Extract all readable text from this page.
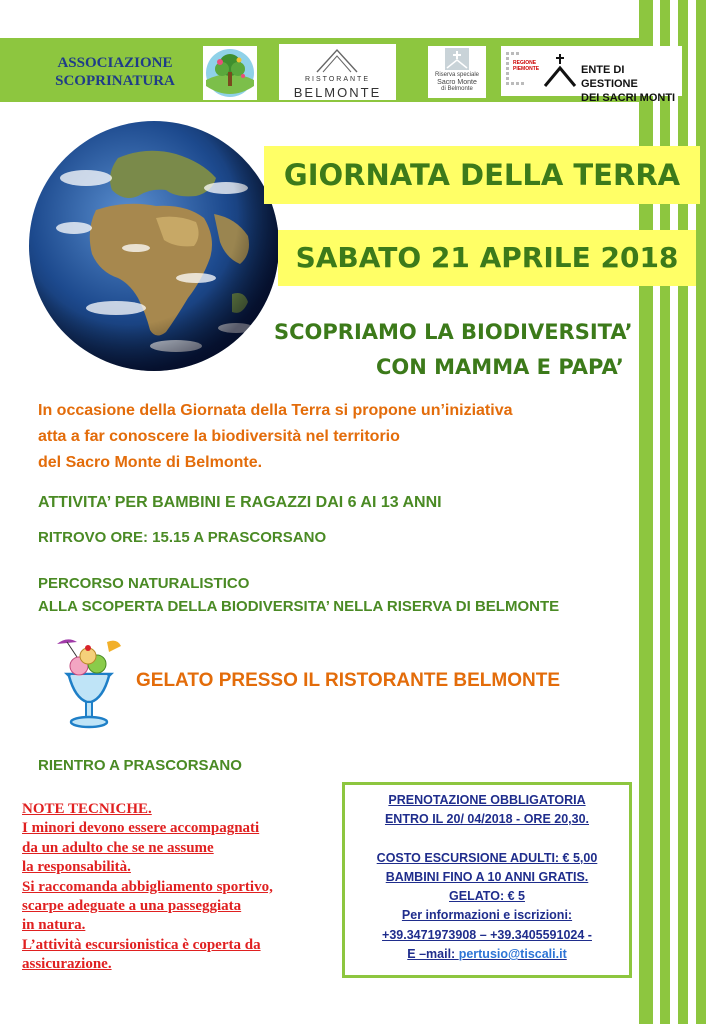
ASSOCIAZIONE
SCOPRINATURA	RISTORANTE
BELMONTE
Riserva speciale
Sacro Monte
di Belmonte
REGIONE
PIEMONTE	ENTE DI GESTIONE
DEI SACRI MONTI
GIORNATA DELLA TERRA
SABATO 21 APRILE 2018
SCOPRIAMO LA BIODIVERSITA’
CON MAMMA E PAPA’
In occasione della Giornata della Terra si propone un’iniziativa
atta a far conoscere la biodiversità nel territorio
del Sacro Monte di Belmonte.
ATTIVITA’ PER BAMBINI E RAGAZZI DAI 6 AI 13 ANNI
RITROVO ORE: 15.15 A PRASCORSANO
PERCORSO NATURALISTICO
ALLA SCOPERTA DELLA BIODIVERSITA’ NELLA RISERVA DI BELMONTE
GELATO PRESSO IL RISTORANTE BELMONTE
RIENTRO A PRASCORSANO
NOTE TECNICHE.
I minori devono essere accompagnati
da un adulto che se ne assume
la responsabilità.
Si raccomanda abbigliamento sportivo,
scarpe adeguate a una passeggiata
in natura.
L’attività escursionistica è coperta da
assicurazione.
PRENOTAZIONE OBBLIGATORIA
ENTRO IL 20/ 04/2018 - ORE 20,30.
COSTO ESCURSIONE ADULTI: € 5,00
BAMBINI FINO A 10 ANNI GRATIS.
GELATO: € 5
Per informazioni e iscrizioni:
+39.3471973908 – +39.3405591024 -
E –mail: pertusio@tiscali.it
